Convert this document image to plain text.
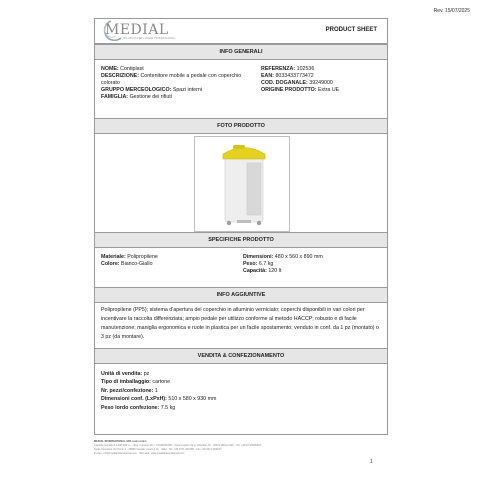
Rev. 15/07/2025
MEDIAL
SOLUZIONI PER L'IGIENE PROFESSIONALE
PRODUCT SHEET
INFO GENERALI
NOME: Contiplast
DESCRIZIONE: Contenitore mobile a pedale con coperchio colorato
GRUPPO MERCEOLOGICO: Spazi interni
FAMIGLIA: Gestione dei rifiuti
REFERENZA: 102536
EAN: 8033433773472
COD. DOGANALE: 39249000
ORIGINE PRODOTTO: Extra UE
FOTO PRODOTTO
SPECIFICHE PRODOTTO
Materiale: Polipropilene
Colore: Bianco-Giallo
Dimensioni: 480 x 560 x 890 mm
Peso: 6.7 kg
Capacità: 120 lt
INFO AGGIUNTIVE
Polipropilene (PP5); sistema d'apertura del coperchio in alluminio verniciato; coperchi disponibili in vari colori per incentivare la raccolta differenziata; ampio pedale per utilizzo conforme al metodo HACCP; robusto e di facile manutenzione; maniglia ergonomica e ruote in plastica per un facile spostamento; venduto in conf. da 1 pz (montato) o 3 pz (da montare).
VENDITA & CONFEZIONAMENTO
Unità di vendita: pz
Tipo di imballaggio: cartone
Nr. pezzi/confezione: 1
Dimensioni conf. (LxPxH): 510 x 580 x 930 mm
Peso lordo confezione: 7.5 kg
MEDIAL INTERNATIONAL SPA socio unico
Capitale Sociale € 3.200.000 i.v. · Reg. Imprese MI n. 07436640158 · Sede Legale Via A. Oberdan 76 · 20121 Milano (MI) · Tel. +39 02 36535500
Sede Operativa Via Ticino 1 · 26853 Caselle Lurani (LO) · Italia · Tel. +39 0371 963155 · Fax +39 0371 963157
E-mail: info@medialinternational.com · Sito web: www.medialinternational.com
1
